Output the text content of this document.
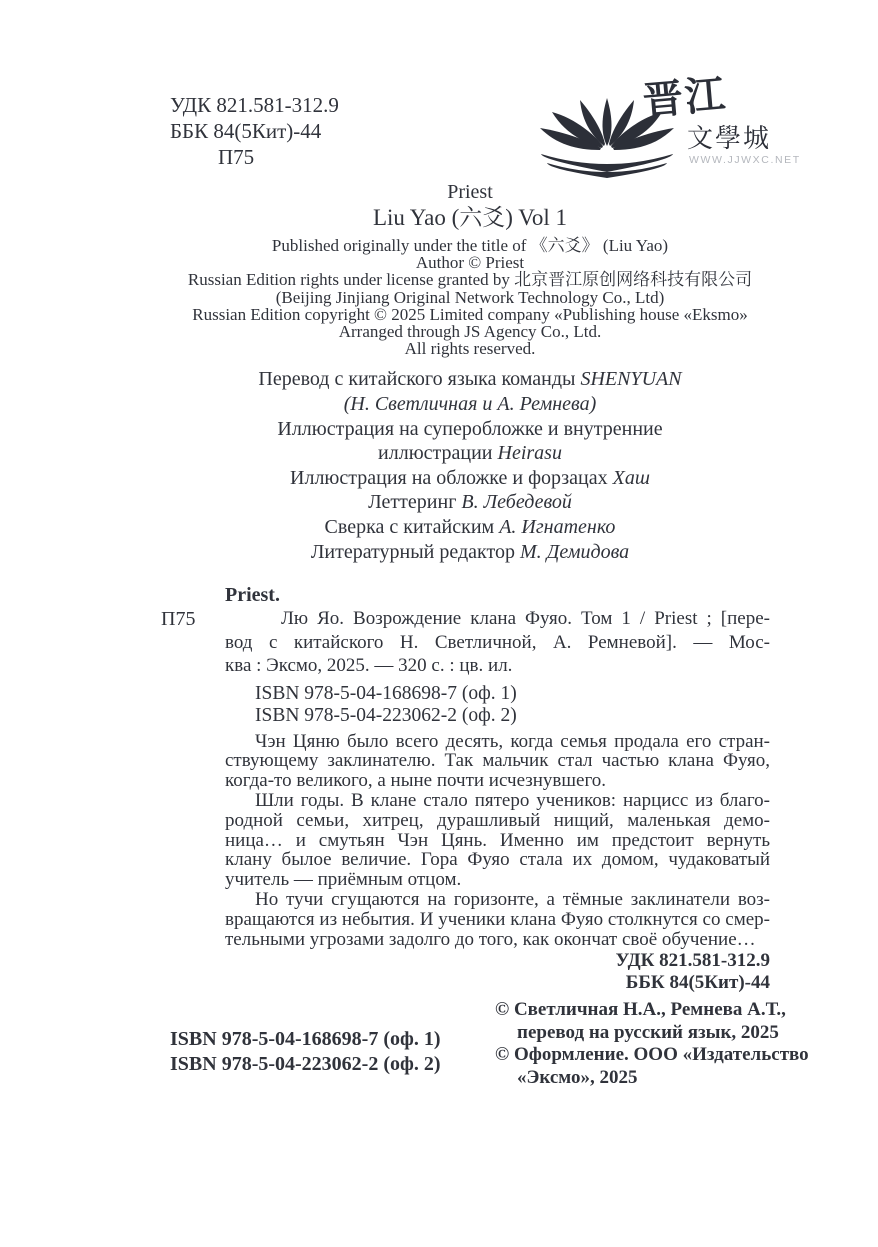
晋江
文學城
WWW.JJWXC.NET
УДК 821.581-312.9
ББК 84(5Кит)-44
П75
Priest
Liu Yao (六爻) Vol 1
Published originally under the title of 《六爻》 (Liu Yao)
Author © Priest
Russian Edition rights under license granted by 北京晋江原创网络科技有限公司
(Beijing Jinjiang Original Network Technology Co., Ltd)
Russian Edition copyright © 2025 Limited company «Publishing house «Eksmo»
Arranged through JS Agency Co., Ltd.
All rights reserved.
Перевод с китайского языка команды SHENYUAN
(Н. Светличная и А. Ремнева)
Иллюстрация на суперобложке и внутренние
иллюстрации Heirasu
Иллюстрация на обложке и форзацах Хаш
Леттеринг В. Лебедевой
Сверка с китайским А. Игнатенко
Литературный редактор М. Демидова
Priest.
П75	Лю Яо. Возрождение клана Фуяо. Том 1 / Priest ; [пере-
вод с китайского Н. Светличной, А. Ремневой]. — Мос-
ква : Эксмо, 2025. — 320 с. : цв. ил.
ISBN 978-5-04-168698-7 (оф. 1)
ISBN 978-5-04-223062-2 (оф. 2)
Чэн Цяню было всего десять, когда семья продала его стран-
ствующему заклинателю. Так мальчик стал частью клана Фуяо,
когда-то великого, а ныне почти исчезнувшего.
Шли годы. В клане стало пятеро учеников: нарцисс из благо-
родной семьи, хитрец, дурашливый нищий, маленькая демо-
ница… и смутьян Чэн Цянь. Именно им предстоит вернуть
клану былое величие. Гора Фуяо стала их домом, чудаковатый
учитель — приёмным отцом.
Но тучи сгущаются на горизонте, а тёмные заклинатели воз-
вращаются из небытия. И ученики клана Фуяо столкнутся со смер-
тельными угрозами задолго до того, как окончат своё обучение…
УДК 821.581-312.9
ББК 84(5Кит)-44
ISBN 978-5-04-168698-7 (оф. 1)
ISBN 978-5-04-223062-2 (оф. 2)
© Светличная Н.А., Ремнева А.Т.,
перевод на русский язык, 2025
© Оформление. ООО «Издательство
«Эксмо», 2025
